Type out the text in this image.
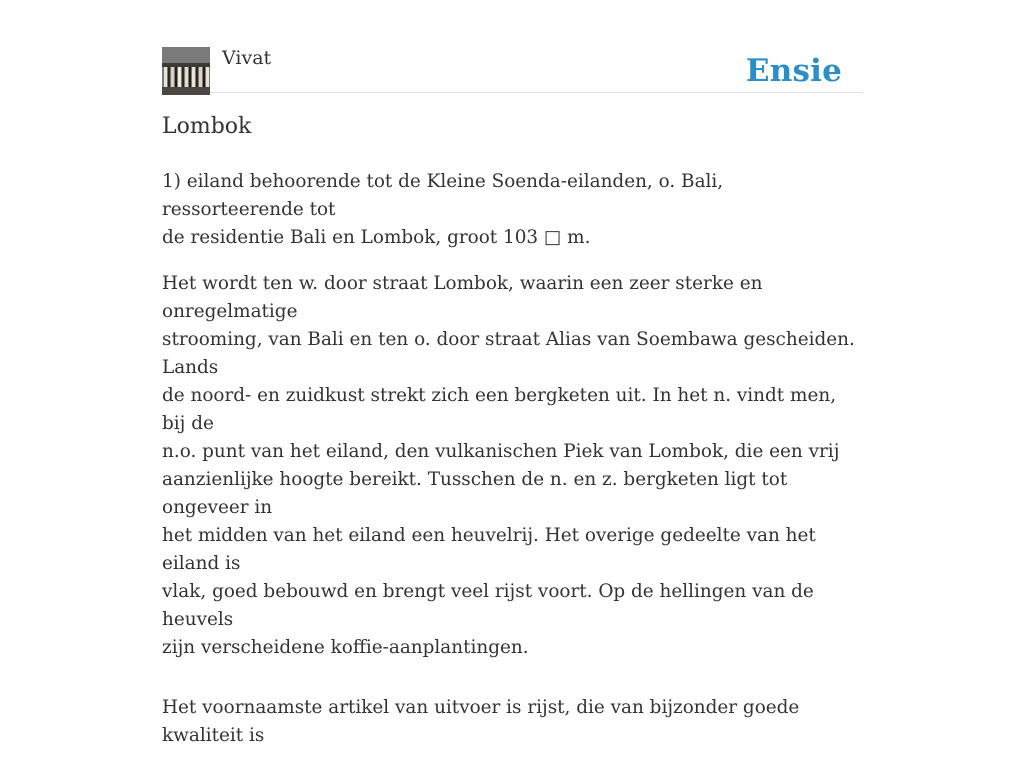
Vivat	Ensie
Lombok

1) eiland behoorende tot de Kleine Soenda-eilanden, o. Bali, ressorteerende tot
de residentie Bali en Lombok, groot 103 □ m.

Het wordt ten w. door straat Lombok, waarin een zeer sterke en onregelmatige
strooming, van Bali en ten o. door straat Alias van Soembawa gescheiden. Lands
de noord- en zuidkust strekt zich een bergketen uit. In het n. vindt men, bij de
n.o. punt van het eiland, den vulkanischen Piek van Lombok, die een vrij
aanzienlijke hoogte bereikt. Tusschen de n. en z. bergketen ligt tot ongeveer in
het midden van het eiland een heuvelrij. Het overige gedeelte van het eiland is
vlak, goed bebouwd en brengt veel rijst voort. Op de hellingen van de heuvels
zijn verscheidene koffie-aanplantingen.

Het voornaamste artikel van uitvoer is rijst, die van bijzonder goede kwaliteit is
